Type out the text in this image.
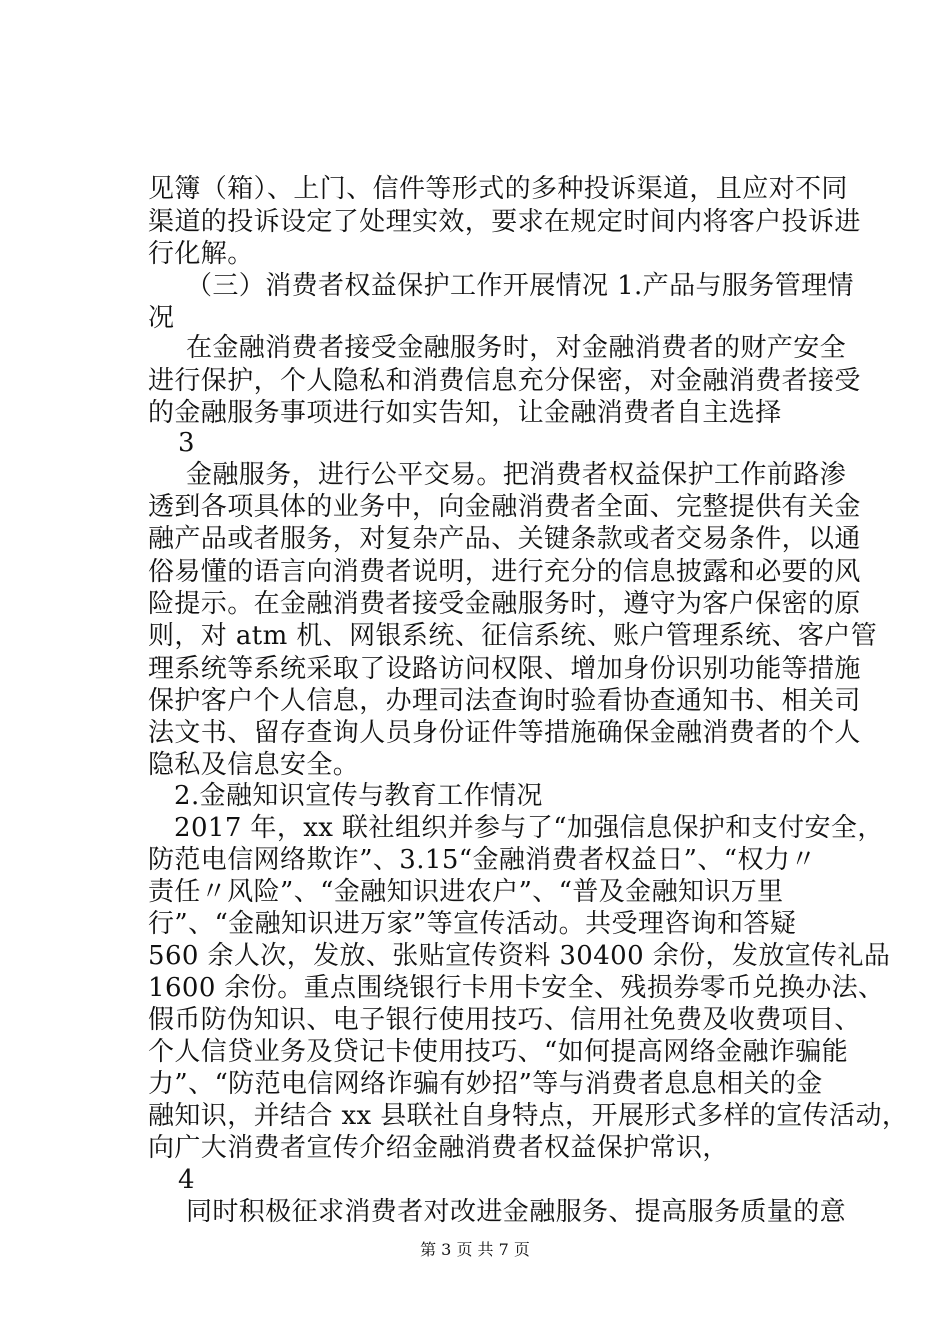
见簿（箱）、上门、信件等形式的多种投诉渠道，且应对不同
渠道的投诉设定了处理实效，要求在规定时间内将客户投诉进
行化解。
（三）消费者权益保护工作开展情况 1.产品与服务管理情
况
在金融消费者接受金融服务时，对金融消费者的财产安全
进行保护，个人隐私和消费信息充分保密，对金融消费者接受
的金融服务事项进行如实告知，让金融消费者自主选择
3
金融服务，进行公平交易。把消费者权益保护工作前路渗
透到各项具体的业务中，向金融消费者全面、完整提供有关金
融产品或者服务，对复杂产品、关键条款或者交易条件，以通
俗易懂的语言向消费者说明，进行充分的信息披露和必要的风
险提示。在金融消费者接受金融服务时，遵守为客户保密的原
则，对 atm 机、网银系统、征信系统、账户管理系统、客户管
理系统等系统采取了设路访问权限、增加身份识别功能等措施
保护客户个人信息，办理司法查询时验看协查通知书、相关司
法文书、留存查询人员身份证件等措施确保金融消费者的个人
隐私及信息安全。
2.金融知识宣传与教育工作情况
2017 年，xx 联社组织并参与了“加强信息保护和支付安全，
防范电信网络欺诈”、3.15“金融消费者权益日”、“权力〃
责任〃风险”、“金融知识进农户”、“普及金融知识万里
行”、“金融知识进万家”等宣传活动。共受理咨询和答疑
560 余人次，发放、张贴宣传资料 30400 余份，发放宣传礼品
1600 余份。重点围绕银行卡用卡安全、残损券零币兑换办法、
假币防伪知识、电子银行使用技巧、信用社免费及收费项目、
个人信贷业务及贷记卡使用技巧、“如何提高网络金融诈骗能
力”、“防范电信网络诈骗有妙招”等与消费者息息相关的金
融知识，并结合 xx 县联社自身特点，开展形式多样的宣传活动，
向广大消费者宣传介绍金融消费者权益保护常识，
4
同时积极征求消费者对改进金融服务、提高服务质量的意
第 3 页 共 7 页
